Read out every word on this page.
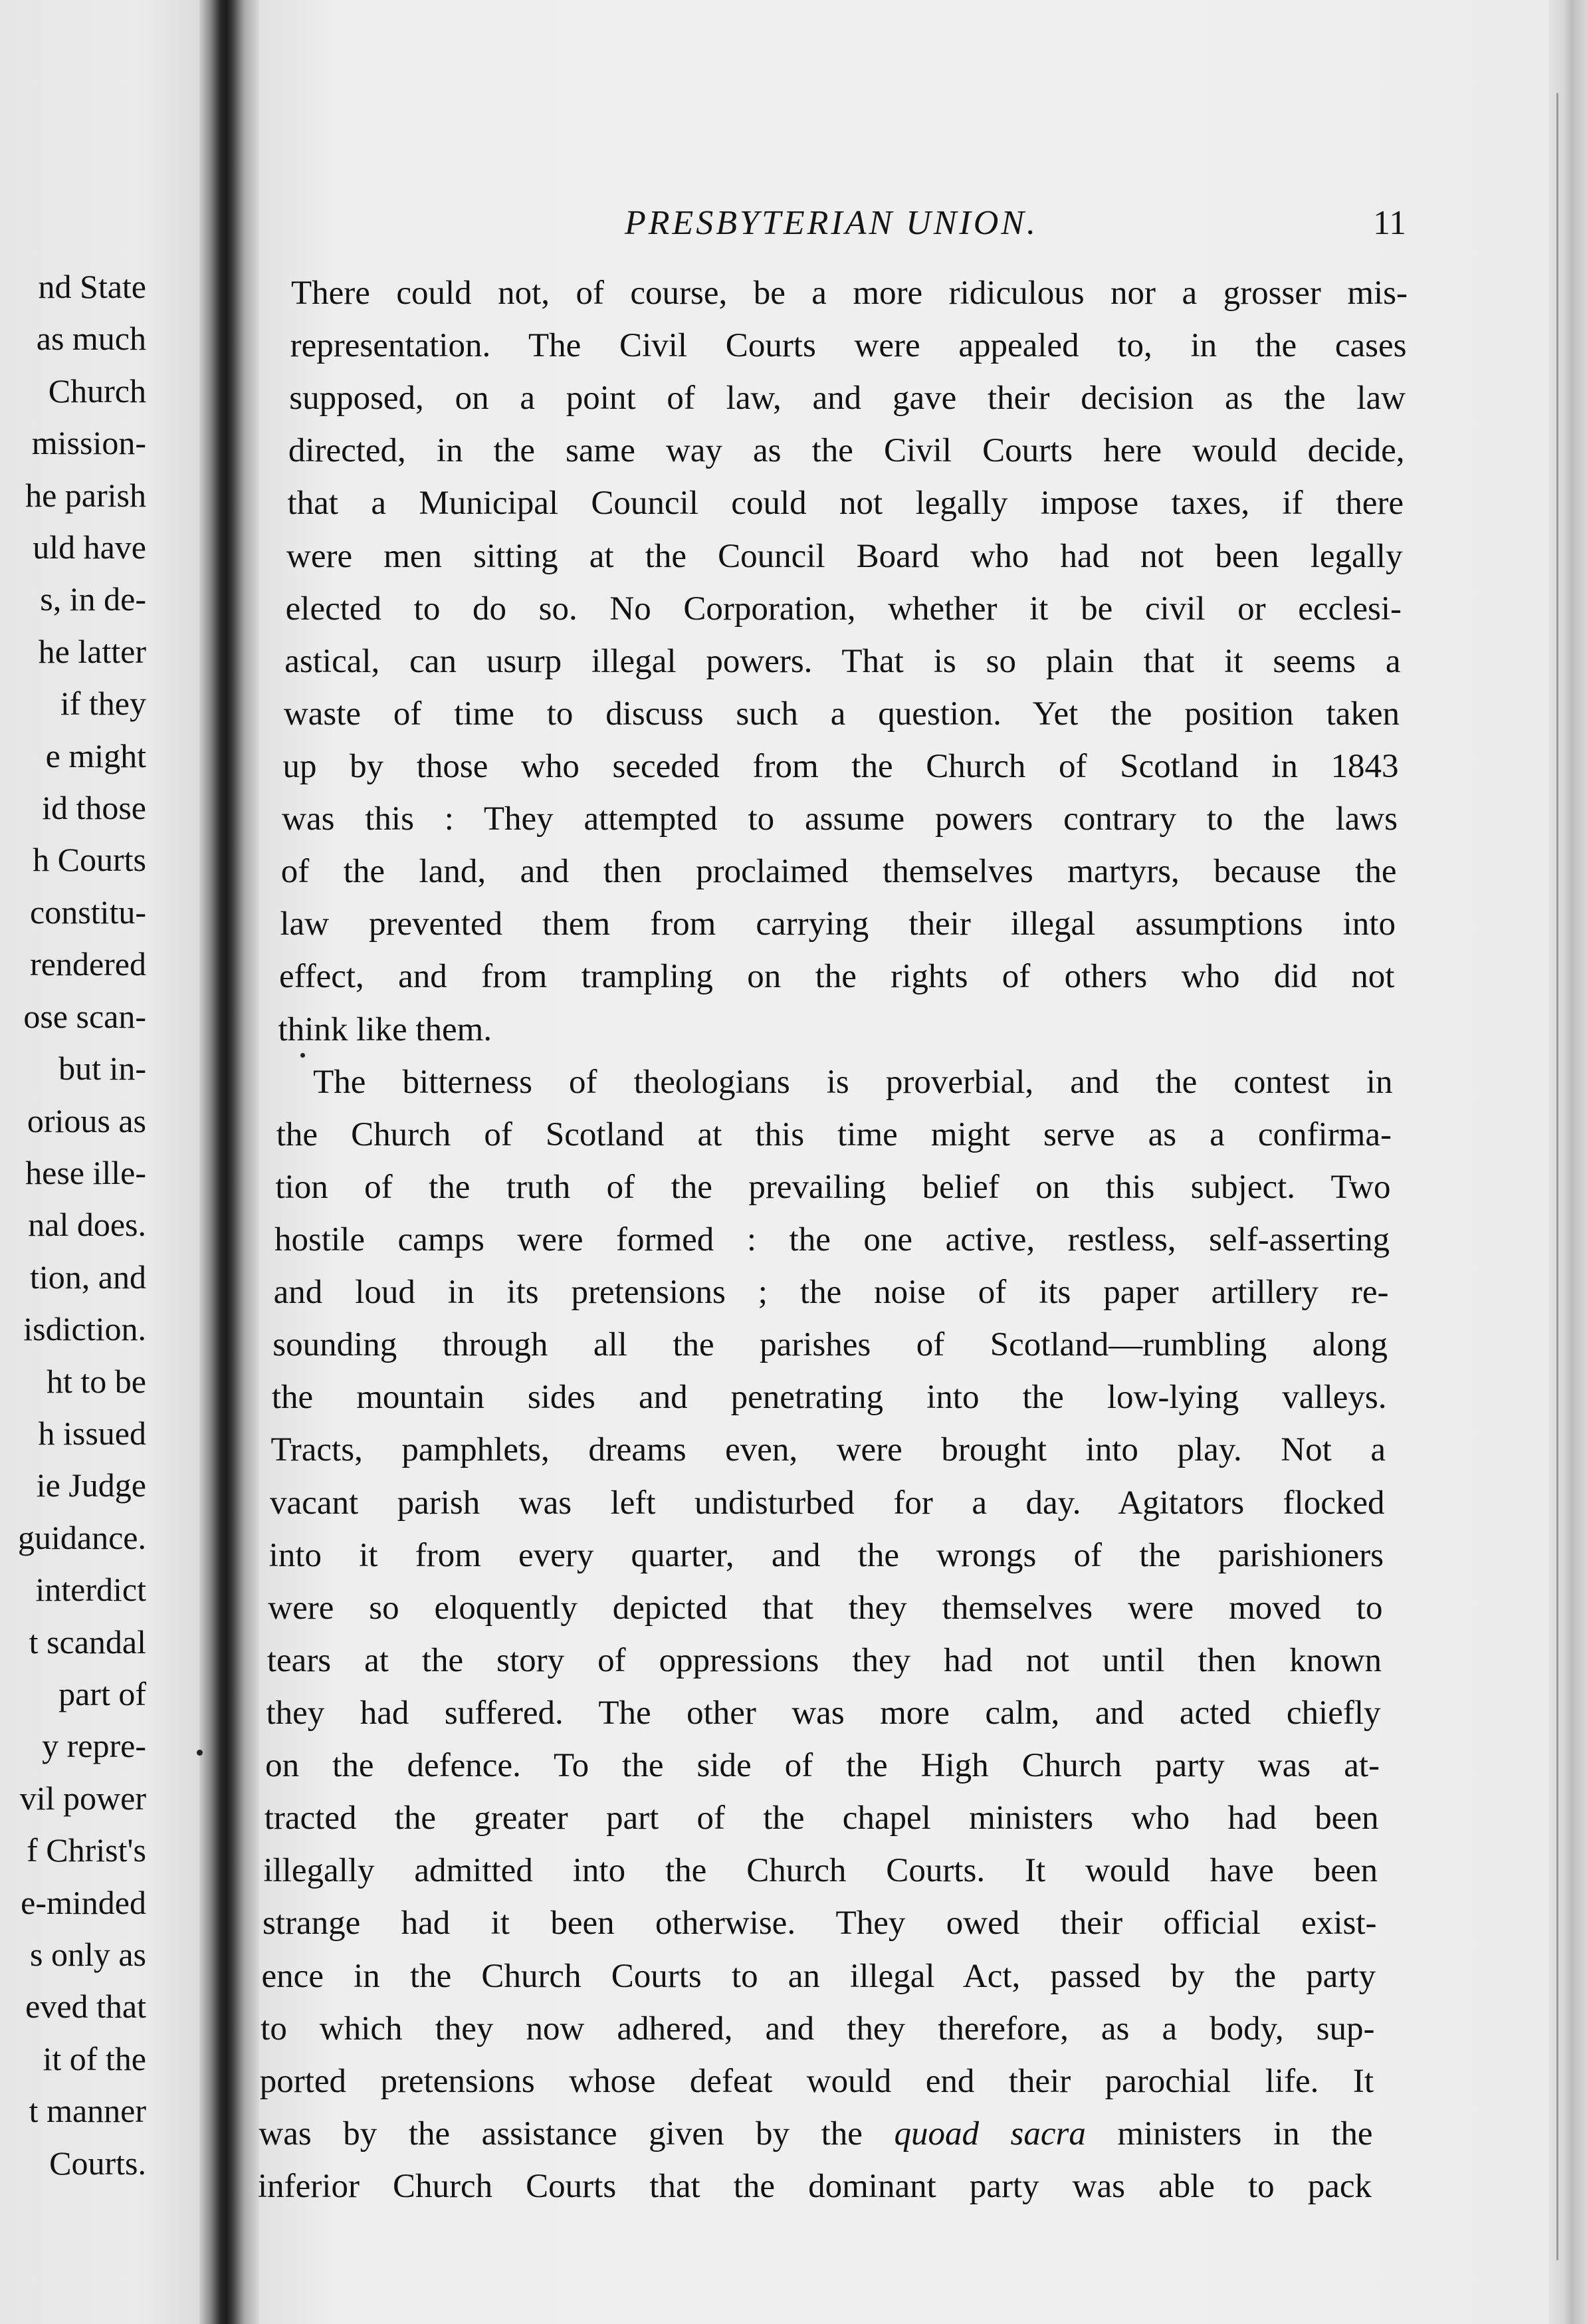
nd State
as much
Church
mission-
he parish
uld have
s, in de-
he latter
if they
e might
id those
h Courts
constitu-
rendered
ose scan-
but in-
orious as
hese ille-
nal does.
tion, and
isdiction.
ht to be
h issued
ie Judge
guidance.
interdict
t scandal
part of
y repre-
vil power
f Christ's
e-minded
s only as
eved that
it of the
t manner
Courts.
PRESBYTERIAN UNION.	11
There could not, of course, be a more ridiculous nor a grosser mis-
representation. The Civil Courts were appealed to, in the cases
supposed, on a point of law, and gave their decision as the law
directed, in the same way as the Civil Courts here would decide,
that a Municipal Council could not legally impose taxes, if there
were men sitting at the Council Board who had not been legally
elected to do so. No Corporation, whether it be civil or ecclesi-
astical, can usurp illegal powers. That is so plain that it seems a
waste of time to discuss such a question. Yet the position taken
up by those who seceded from the Church of Scotland in 1843
was this : They attempted to assume powers contrary to the laws
of the land, and then proclaimed themselves martyrs, because the
law prevented them from carrying their illegal assumptions into
effect, and from trampling on the rights of others who did not
think like them.
The bitterness of theologians is proverbial, and the contest in
the Church of Scotland at this time might serve as a confirma-
tion of the truth of the prevailing belief on this subject. Two
hostile camps were formed : the one active, restless, self-asserting
and loud in its pretensions ; the noise of its paper artillery re-
sounding through all the parishes of Scotland—rumbling along
the mountain sides and penetrating into the low-lying valleys.
Tracts, pamphlets, dreams even, were brought into play. Not a
vacant parish was left undisturbed for a day. Agitators flocked
into it from every quarter, and the wrongs of the parishioners
were so eloquently depicted that they themselves were moved to
tears at the story of oppressions they had not until then known
they had suffered. The other was more calm, and acted chiefly
on the defence. To the side of the High Church party was at-
tracted the greater part of the chapel ministers who had been
illegally admitted into the Church Courts. It would have been
strange had it been otherwise. They owed their official exist-
ence in the Church Courts to an illegal Act, passed by the party
to which they now adhered, and they therefore, as a body, sup-
ported pretensions whose defeat would end their parochial life. It
was by the assistance given by the quoad sacra ministers in the
inferior Church Courts that the dominant party was able to pack
